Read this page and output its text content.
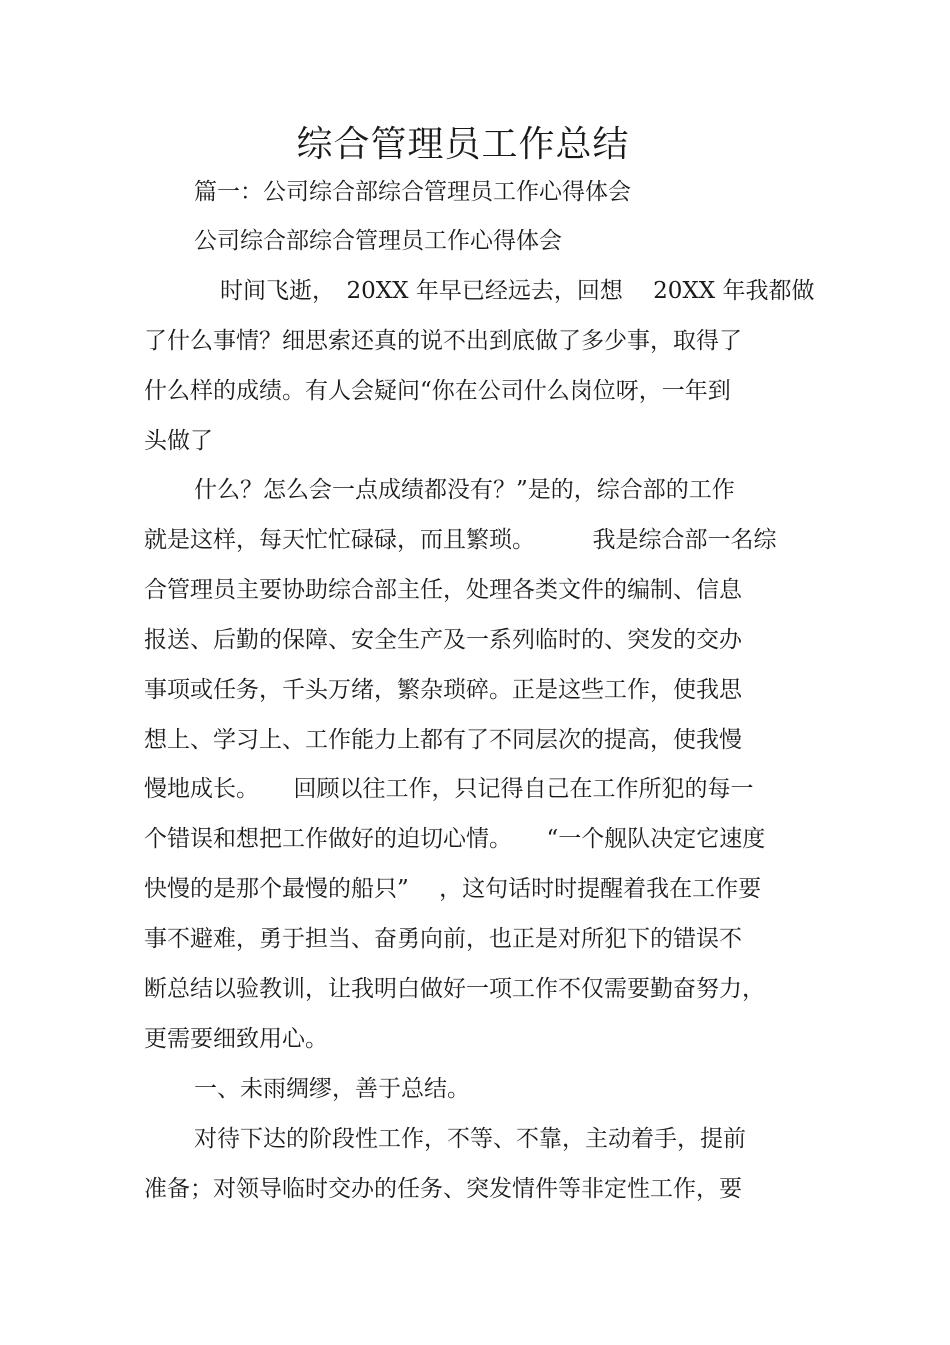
综合管理员工作总结
篇一：公司综合部综合管理员工作心得体会
公司综合部综合管理员工作心得体会
时间飞逝，　20XX 年早已经远去，回想　 20XX 年我都做
了什么事情？细思索还真的说不出到底做了多少事，取得了
什么样的成绩。有人会疑问“你在公司什么岗位呀，一年到
头做了
什么？怎么会一点成绩都没有？”是的，综合部的工作
就是这样，每天忙忙碌碌，而且繁琐。　　　我是综合部一名综
合管理员主要协助综合部主任，处理各类文件的编制、信息
报送、后勤的保障、安全生产及一系列临时的、突发的交办
事项或任务，千头万绪，繁杂琐碎。正是这些工作，使我思
想上、学习上、工作能力上都有了不同层次的提高，使我慢
慢地成长。　　回顾以往工作，只记得自己在工作所犯的每一
个错误和想把工作做好的迫切心情。　　“一个舰队决定它速度
快慢的是那个最慢的船只”　 ，这句话时时提醒着我在工作要
事不避难，勇于担当、奋勇向前，也正是对所犯下的错误不
断总结以验教训，让我明白做好一项工作不仅需要勤奋努力，
更需要细致用心。
一、未雨绸缪，善于总结。
对待下达的阶段性工作，不等、不靠，主动着手，提前
准备；对领导临时交办的任务、突发情件等非定性工作，要
